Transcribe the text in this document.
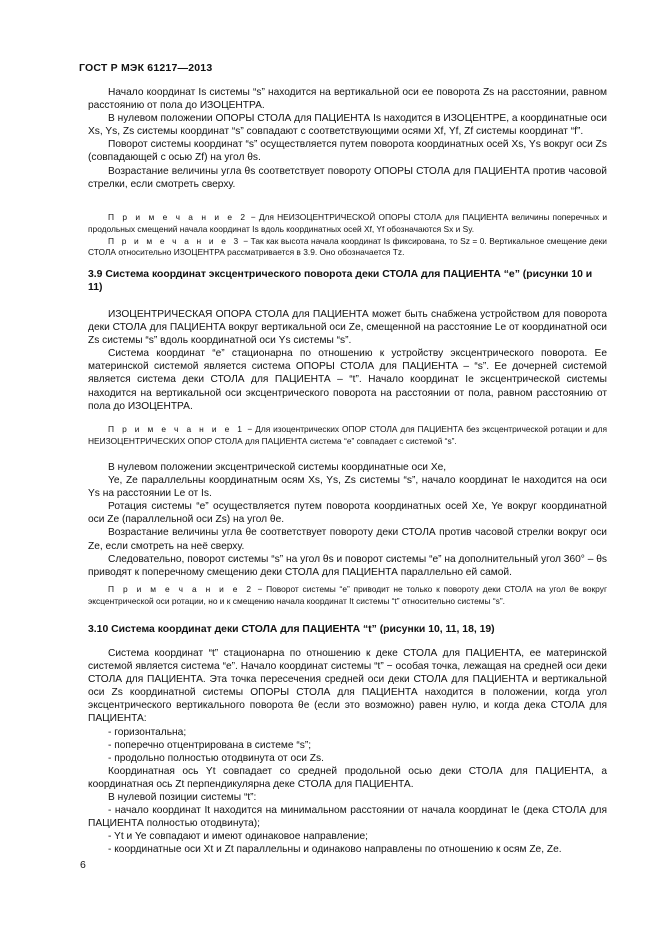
ГОСТ Р МЭК 61217—2013

Начало координат Is системы “s” находится на вертикальной оси ее поворота Zs на расстоянии, равном расстоянию от пола до ИЗОЦЕНТРА.

В нулевом положении ОПОРЫ СТОЛА для ПАЦИЕНТА Is находится в ИЗОЦЕНТРЕ, а координатные оси Xs, Ys, Zs системы координат “s” совпадают с соответствующими осями Xf, Yf, Zf системы координат “f”.

Поворот системы координат “s” осуществляется путем поворота координатных осей Xs, Ys вокруг оси Zs (совпадающей с осью Zf) на угол θs.

Возрастание величины угла θs соответствует повороту ОПОРЫ СТОЛА для ПАЦИЕНТА против часовой стрелки, если смотреть сверху.

П р и м е ч а н и е 2 − Для НЕИЗОЦЕНТРИЧЕСКОЙ ОПОРЫ СТОЛА для ПАЦИЕНТА величины поперечных и продольных смещений начала координат Is вдоль координатных осей Xf, Yf обозначаются Sx и Sy.

П р и м е ч а н и е 3 − Так как высота начала координат Is фиксирована, то Sz = 0. Вертикальное смещение деки СТОЛА относительно ИЗОЦЕНТРА рассматривается в 3.9. Оно обозначается Tz.

3.9 Система координат эксцентрического поворота деки СТОЛА для ПАЦИЕНТА “e” (рисунки 10 и 11)

ИЗОЦЕНТРИЧЕСКАЯ ОПОРА СТОЛА для ПАЦИЕНТА может быть снабжена устройством для поворота деки СТОЛА для ПАЦИЕНТА вокруг вертикальной оси Ze, смещенной на расстояние Le от координатной оси Zs системы “s” вдоль координатной оси Ys системы “s”.

Система координат “e” стационарна по отношению к устройству эксцентрического поворота. Ее материнской системой является система ОПОРЫ СТОЛА для ПАЦИЕНТА – “s”. Ее дочерней системой является система деки СТОЛА для ПАЦИЕНТА – “t”. Начало координат Ie эксцентрической системы находится на вертикальной оси эксцентрического поворота на расстоянии от пола, равном расстоянию от пола до ИЗОЦЕНТРА.

П р и м е ч а н и е 1 − Для изоцентрических ОПОР СТОЛА для ПАЦИЕНТА без эксцентрической ротации и для НЕИЗОЦЕНТРИЧЕСКИХ ОПОР СТОЛА для ПАЦИЕНТА система “e” совпадает с системой “s”.

В нулевом положении эксцентрической системы координатные оси Xe,

Ye, Ze параллельны координатным осям Xs, Ys, Zs системы “s”, начало координат Ie находится на оси Ys на расстоянии Le от Is.

Ротация системы “e” осуществляется путем поворота координатных осей Xe, Ye вокруг координатной оси Ze (параллельной оси Zs) на угол θe.

Возрастание величины угла θe соответствует повороту деки СТОЛА против часовой стрелки вокруг оси Ze, если смотреть на неё сверху.

Следовательно, поворот системы “s” на угол θs и поворот системы “e” на дополнительный угол 360° – θs приводят к поперечному смещению деки СТОЛА для ПАЦИЕНТА параллельно ей самой.

П р и м е ч а н и е 2 − Поворот системы “e” приводит не только к повороту деки СТОЛА на угол θe вокруг эксцентрической оси ротации, но и к смещению начала координат It системы “t” относительно системы “s”.

3.10 Система координат деки СТОЛА для ПАЦИЕНТА “t” (рисунки 10, 11, 18, 19)

Система координат “t” стационарна по отношению к деке СТОЛА для ПАЦИЕНТА, ее материнской системой является система “e”. Начало координат системы “t” − особая точка, лежащая на средней оси деки СТОЛА для ПАЦИЕНТА. Эта точка пересечения средней оси деки СТОЛА для ПАЦИЕНТА и вертикальной оси Zs координатной системы ОПОРЫ СТОЛА для ПАЦИЕНТА находится в положении, когда угол эксцентрического вертикального поворота θe (если это возможно) равен нулю, и когда дека СТОЛА для ПАЦИЕНТА:

- горизонтальна;

- поперечно отцентрирована в системе “s”;

- продольно полностью отодвинута от оси Zs.

Координатная ось Yt совпадает со средней продольной осью деки СТОЛА для ПАЦИЕНТА, а координатная ось Zt перпендикулярна деке СТОЛА для ПАЦИЕНТА.

В нулевой позиции системы “t”:

- начало координат It находится на минимальном расстоянии от начала координат Ie (дека СТОЛА для ПАЦИЕНТА полностью отодвинута);

- Yt и Ye совпадают и имеют одинаковое направление;

- координатные оси Xt и Zt параллельны и одинаково направлены по отношению к осям Ze, Ze.

6
